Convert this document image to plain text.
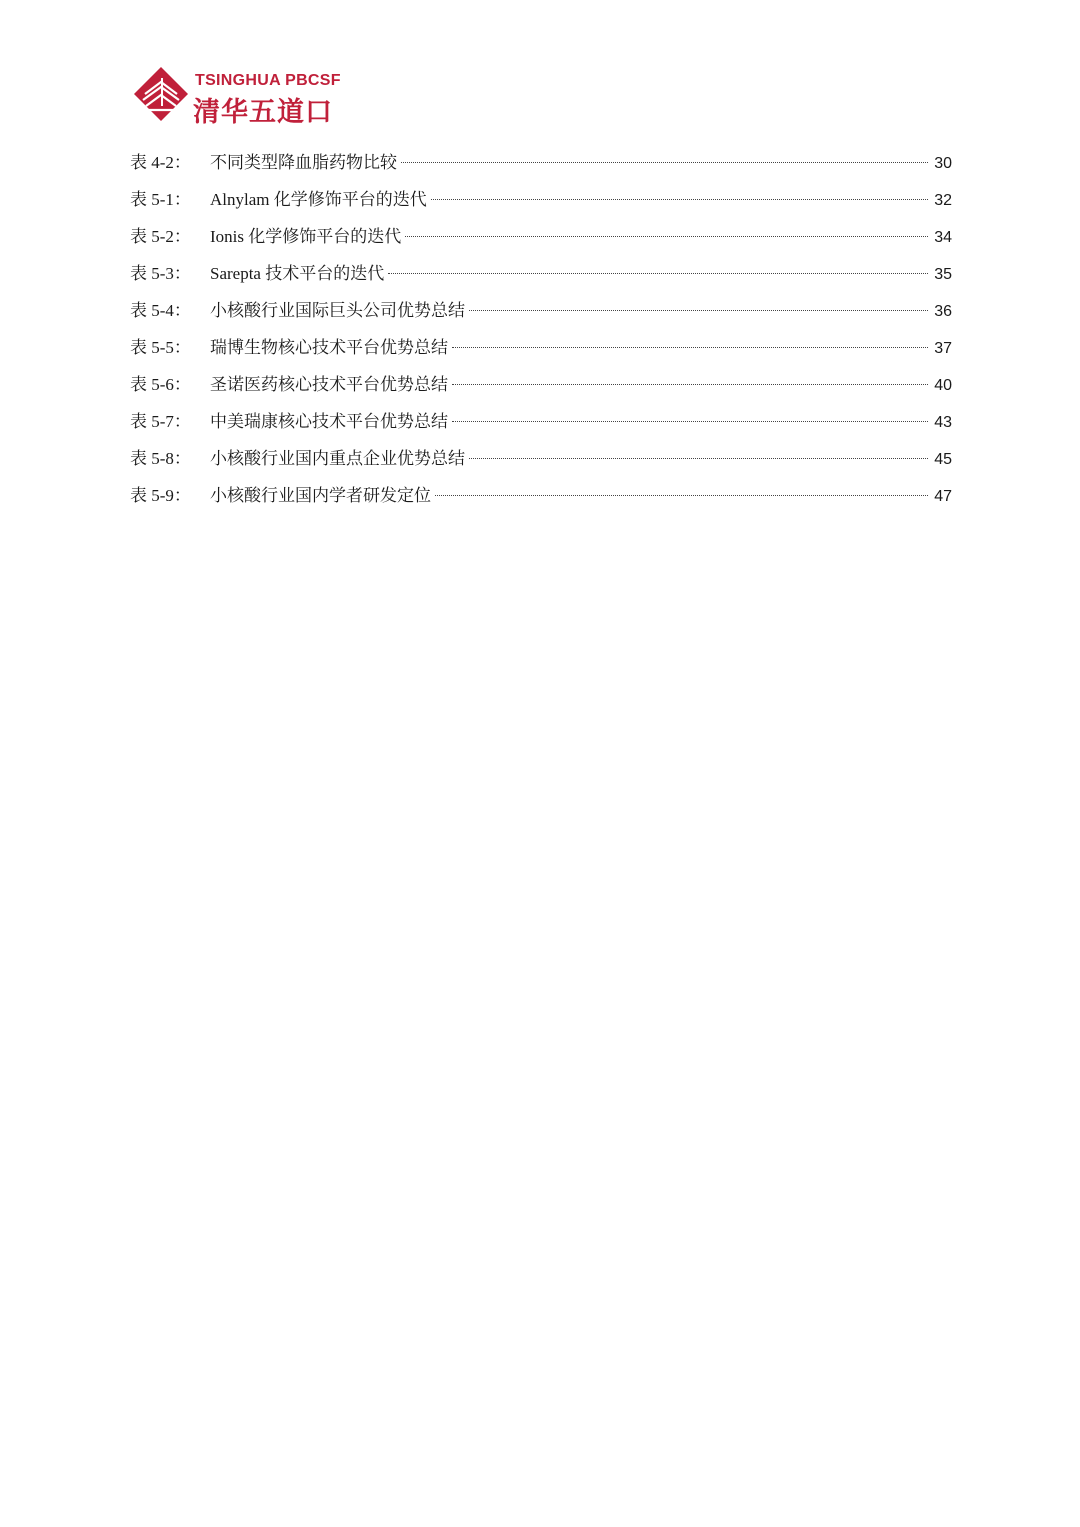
TSINGHUA PBCSF
清华五道口
表 4-2：	不同类型降血脂药物比较	30
表 5-1：	Alnylam 化学修饰平台的迭代	32
表 5-2：	Ionis 化学修饰平台的迭代	34
表 5-3：	Sarepta 技术平台的迭代	35
表 5-4：	小核酸行业国际巨头公司优势总结	36
表 5-5：	瑞博生物核心技术平台优势总结	37
表 5-6：	圣诺医药核心技术平台优势总结	40
表 5-7：	中美瑞康核心技术平台优势总结	43
表 5-8：	小核酸行业国内重点企业优势总结	45
表 5-9：	小核酸行业国内学者研发定位	47
